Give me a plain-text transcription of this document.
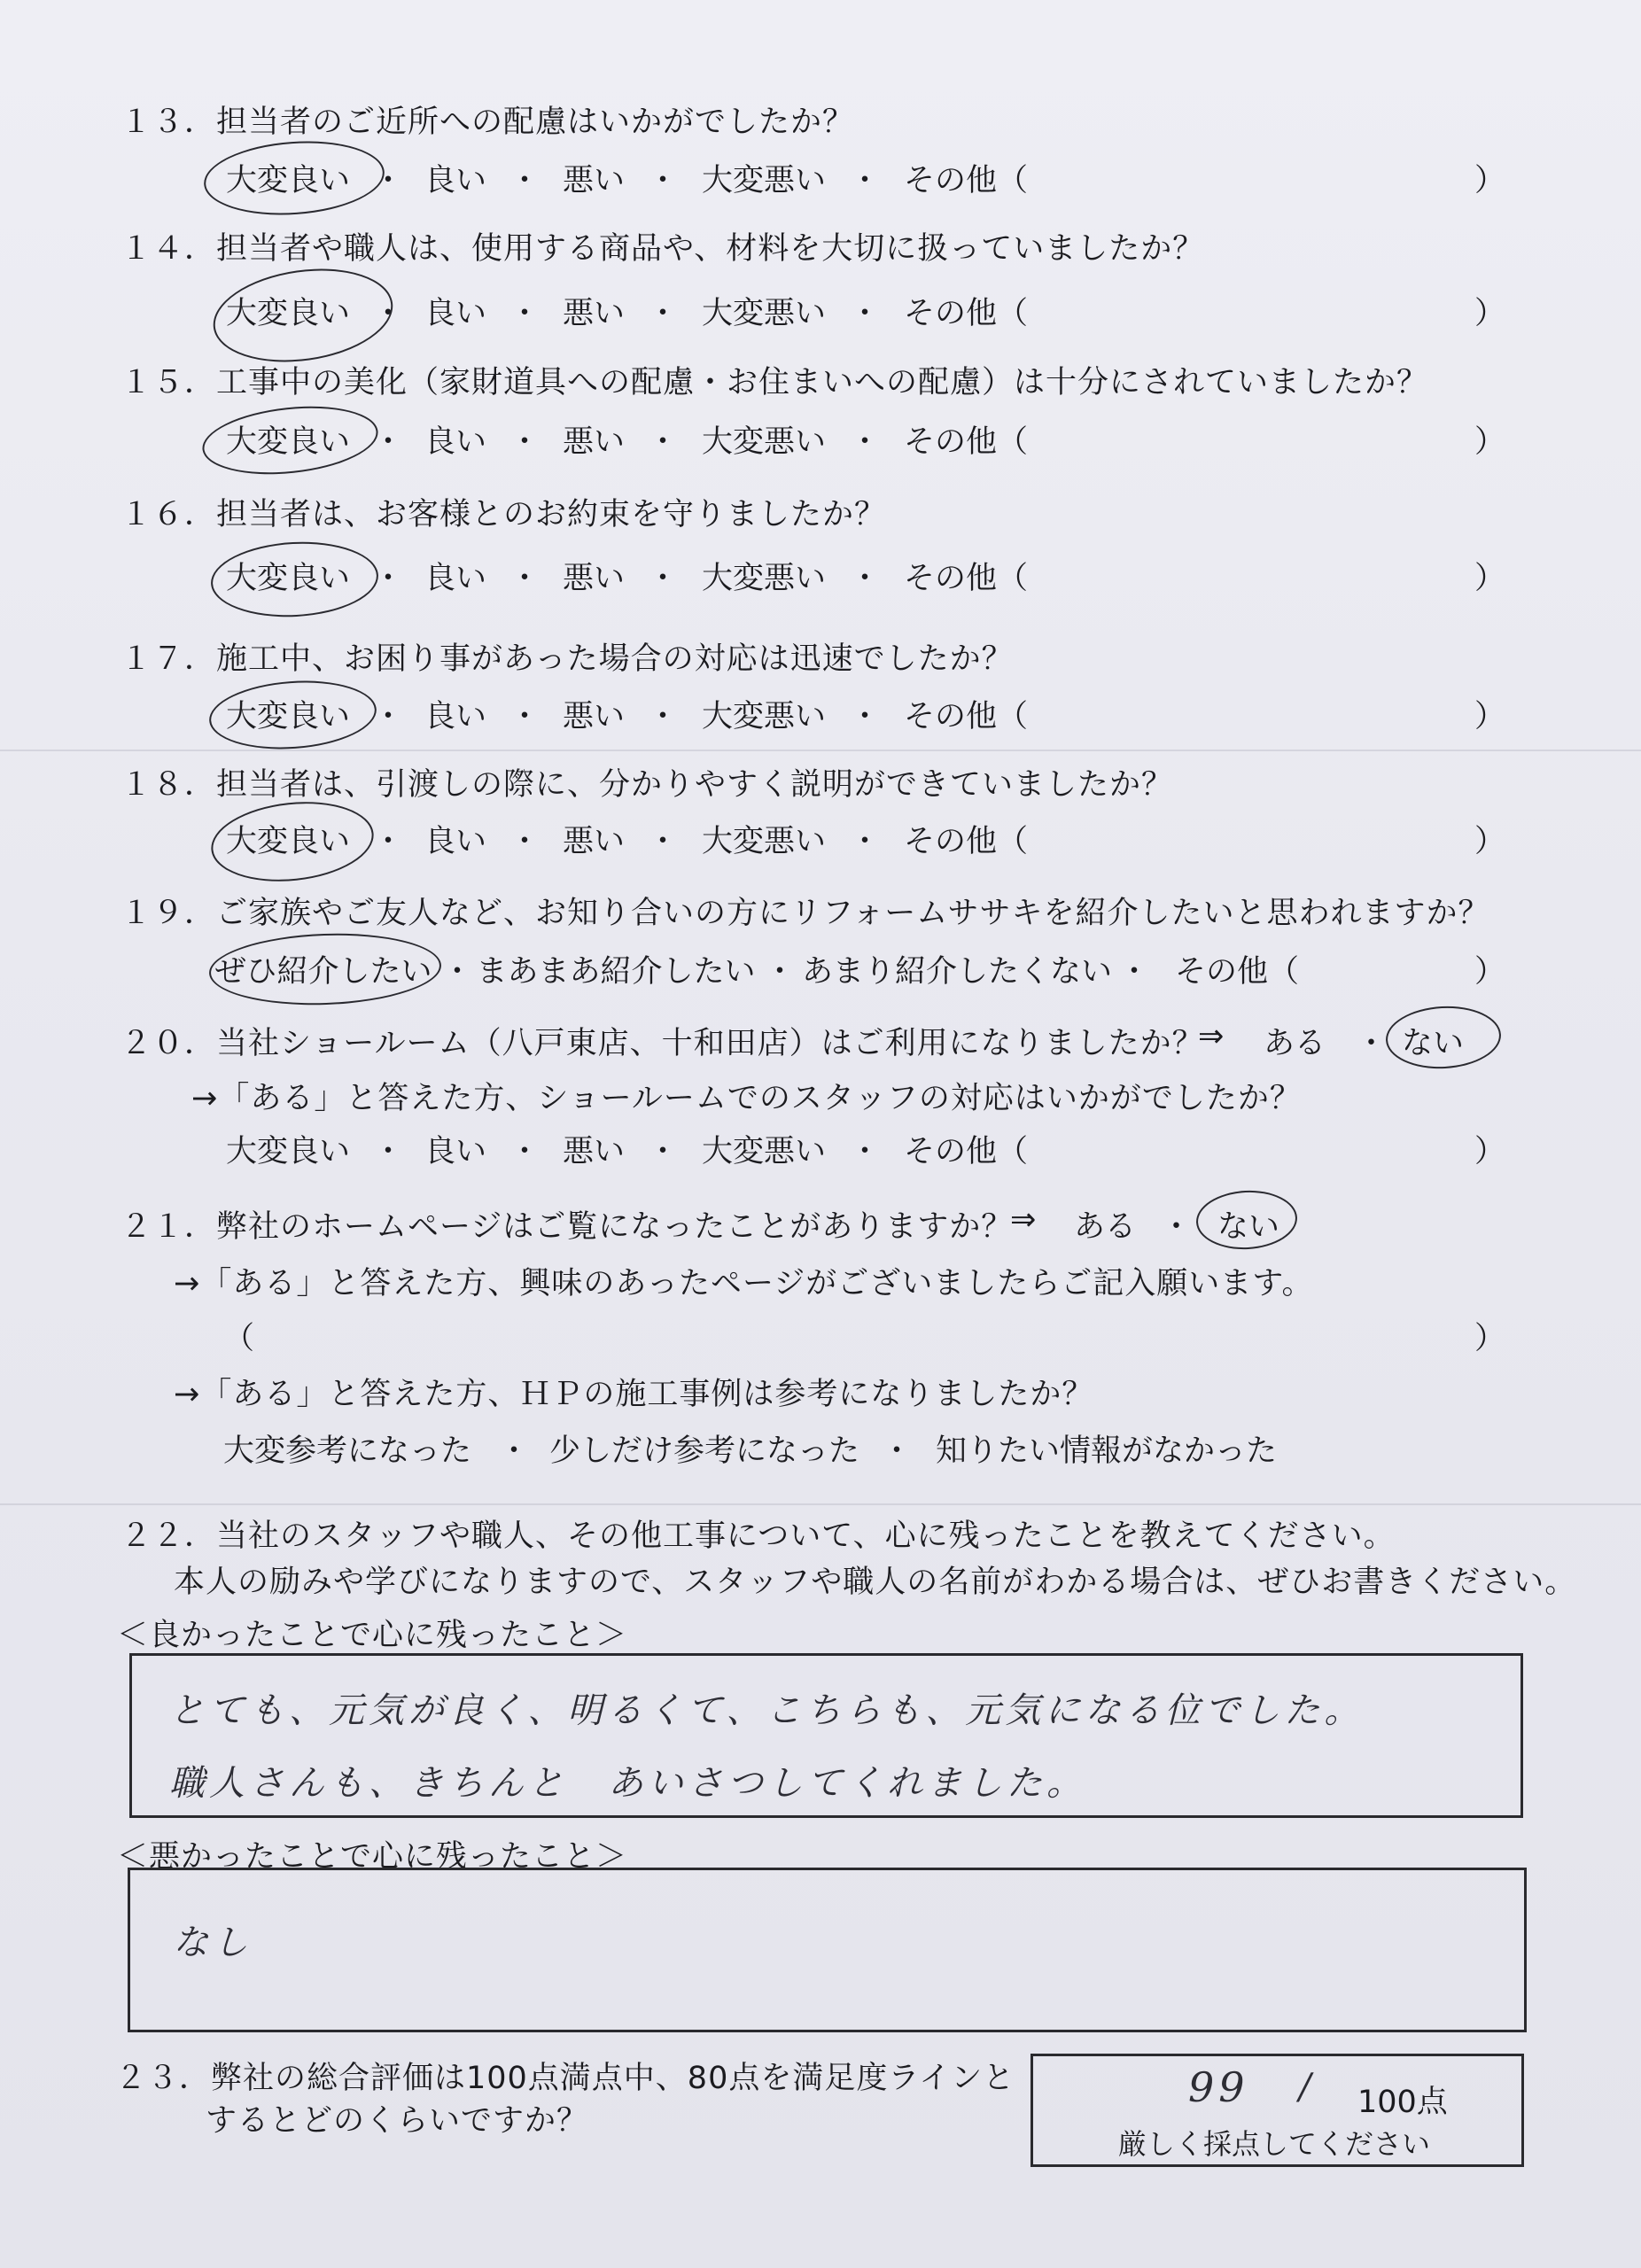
１３．担当者のご近所への配慮はいかがでしたか？
大変良い ・ 良い ・ 悪い ・ 大変悪い ・ その他（	）
１４．担当者や職人は、使用する商品や、材料を大切に扱っていましたか？
大変良い ・ 良い ・ 悪い ・ 大変悪い ・ その他（	）
１５．工事中の美化（家財道具への配慮・お住まいへの配慮）は十分にされていましたか？
大変良い ・ 良い ・ 悪い ・ 大変悪い ・ その他（	）
１６．担当者は、お客様とのお約束を守りましたか？
大変良い ・ 良い ・ 悪い ・ 大変悪い ・ その他（	）
１７．施工中、お困り事があった場合の対応は迅速でしたか？
大変良い ・ 良い ・ 悪い ・ 大変悪い ・ その他（	）
１８．担当者は、引渡しの際に、分かりやすく説明ができていましたか？
大変良い ・ 良い ・ 悪い ・ 大変悪い ・ その他（	）
１９．ご家族やご友人など、お知り合いの方にリフォームササキを紹介したいと思われますか？
ぜひ紹介したい ・ まあまあ紹介したい ・ あまり紹介したくない ・ その他（	）
２０．当社ショールーム（八戸東店、十和田店）はご利用になりましたか？
⇒ ある ・ ない
→「ある」と答えた方、ショールームでのスタッフの対応はいかがでしたか？
大変良い ・ 良い ・ 悪い ・ 大変悪い ・ その他（	）
２１．弊社のホームページはご覧になったことがありますか？
⇒ ある ・ ない
→「ある」と答えた方、興味のあったページがございましたらご記入願います。
（	）
→「ある」と答えた方、ＨＰの施工事例は参考になりましたか？
大変参考になった ・ 少しだけ参考になった ・ 知りたい情報がなかった
２２．当社のスタッフや職人、その他工事について、心に残ったことを教えてください。
本人の励みや学びになりますので、スタッフや職人の名前がわかる場合は、ぜひお書きください。
＜良かったことで心に残ったこと＞
とても、元気が良く、明るくて、こちらも、元気になる位でした。
職人さんも、きちんと　あいさつしてくれました。
＜悪かったことで心に残ったこと＞
なし
２３．弊社の総合評価は100点満点中、80点を満足度ラインと
するとどのくらいですか？
99 / 100点
厳しく採点してください
